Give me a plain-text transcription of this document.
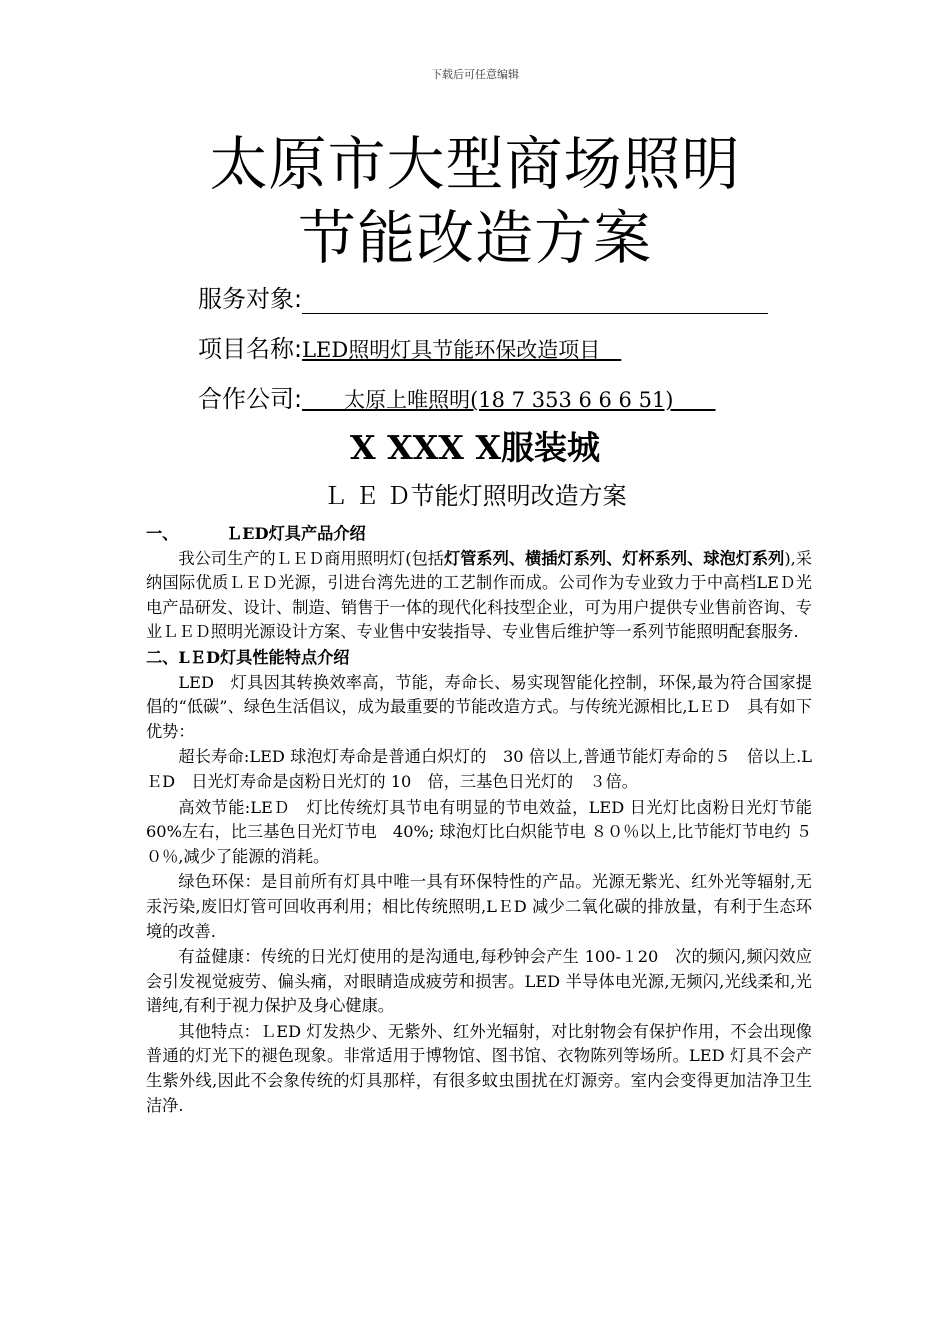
下载后可任意编辑
太原市大型商场照明
节能改造方案
服务对象:
项目名称:LED照明灯具节能环保改造项目　
合作公司:　　太原上唯照明(18 7 353 6 6 6 51)　　
X XXX X服装城
Ｌ Ｅ Ｄ节能灯照明改造方案
一、	ＬED灯具产品介绍

我公司生产的ＬＥＤ商用照明灯(包括灯管系列、横插灯系列、灯杯系列、球泡灯系列),采纳国际优质ＬＥＤ光源，引进台湾先进的工艺制作而成。公司作为专业致力于中高档LEＤ光电产品研发、设计、制造、销售于一体的现代化科技型企业，可为用户提供专业售前咨询、专业ＬＥＤ照明光源设计方案、专业售中安装指导、专业售后维护等一系列节能照明配套服务.

二、LＥD灯具性能特点介绍

LED　灯具因其转换效率高，节能，寿命长、易实现智能化控制，环保,最为符合国家提倡的“低碳”、绿色生活倡议，成为最重要的节能改造方式。与传统光源相比,LＥＤ　具有如下优势：

超长寿命:LED 球泡灯寿命是普通白炽灯的　30 倍以上,普通节能灯寿命的５　倍以上.LＥD　日光灯寿命是卤粉日光灯的 10　倍，三基色日光灯的　３倍。

高效节能:LEＤ　灯比传统灯具节电有明显的节电效益，LED 日光灯比卤粉日光灯节能 60%左右，比三基色日光灯节电　40%; 球泡灯比白炽能节电 ８０％以上,比节能灯节电约 ５０％,减少了能源的消耗。

绿色环保：是目前所有灯具中唯一具有环保特性的产品。光源无紫光、红外光等辐射,无汞污染,废旧灯管可回收再利用；相比传统照明,LＥD 减少二氧化碳的排放量，有利于生态环境的改善.

有益健康：传统的日光灯使用的是沟通电,每秒钟会产生 100-１20　次的频闪,频闪效应会引发视觉疲劳、偏头痛，对眼睛造成疲劳和损害。LED 半导体电光源,无频闪,光线柔和,光谱纯,有利于视力保护及身心健康。

其他特点：ＬED 灯发热少、无紫外、红外光辐射，对比射物会有保护作用，不会出现像普通的灯光下的褪色现象。非常适用于博物馆、图书馆、衣物陈列等场所。LED 灯具不会产生紫外线,因此不会象传统的灯具那样，有很多蚊虫围扰在灯源旁。室内会变得更加洁净卫生洁净.
